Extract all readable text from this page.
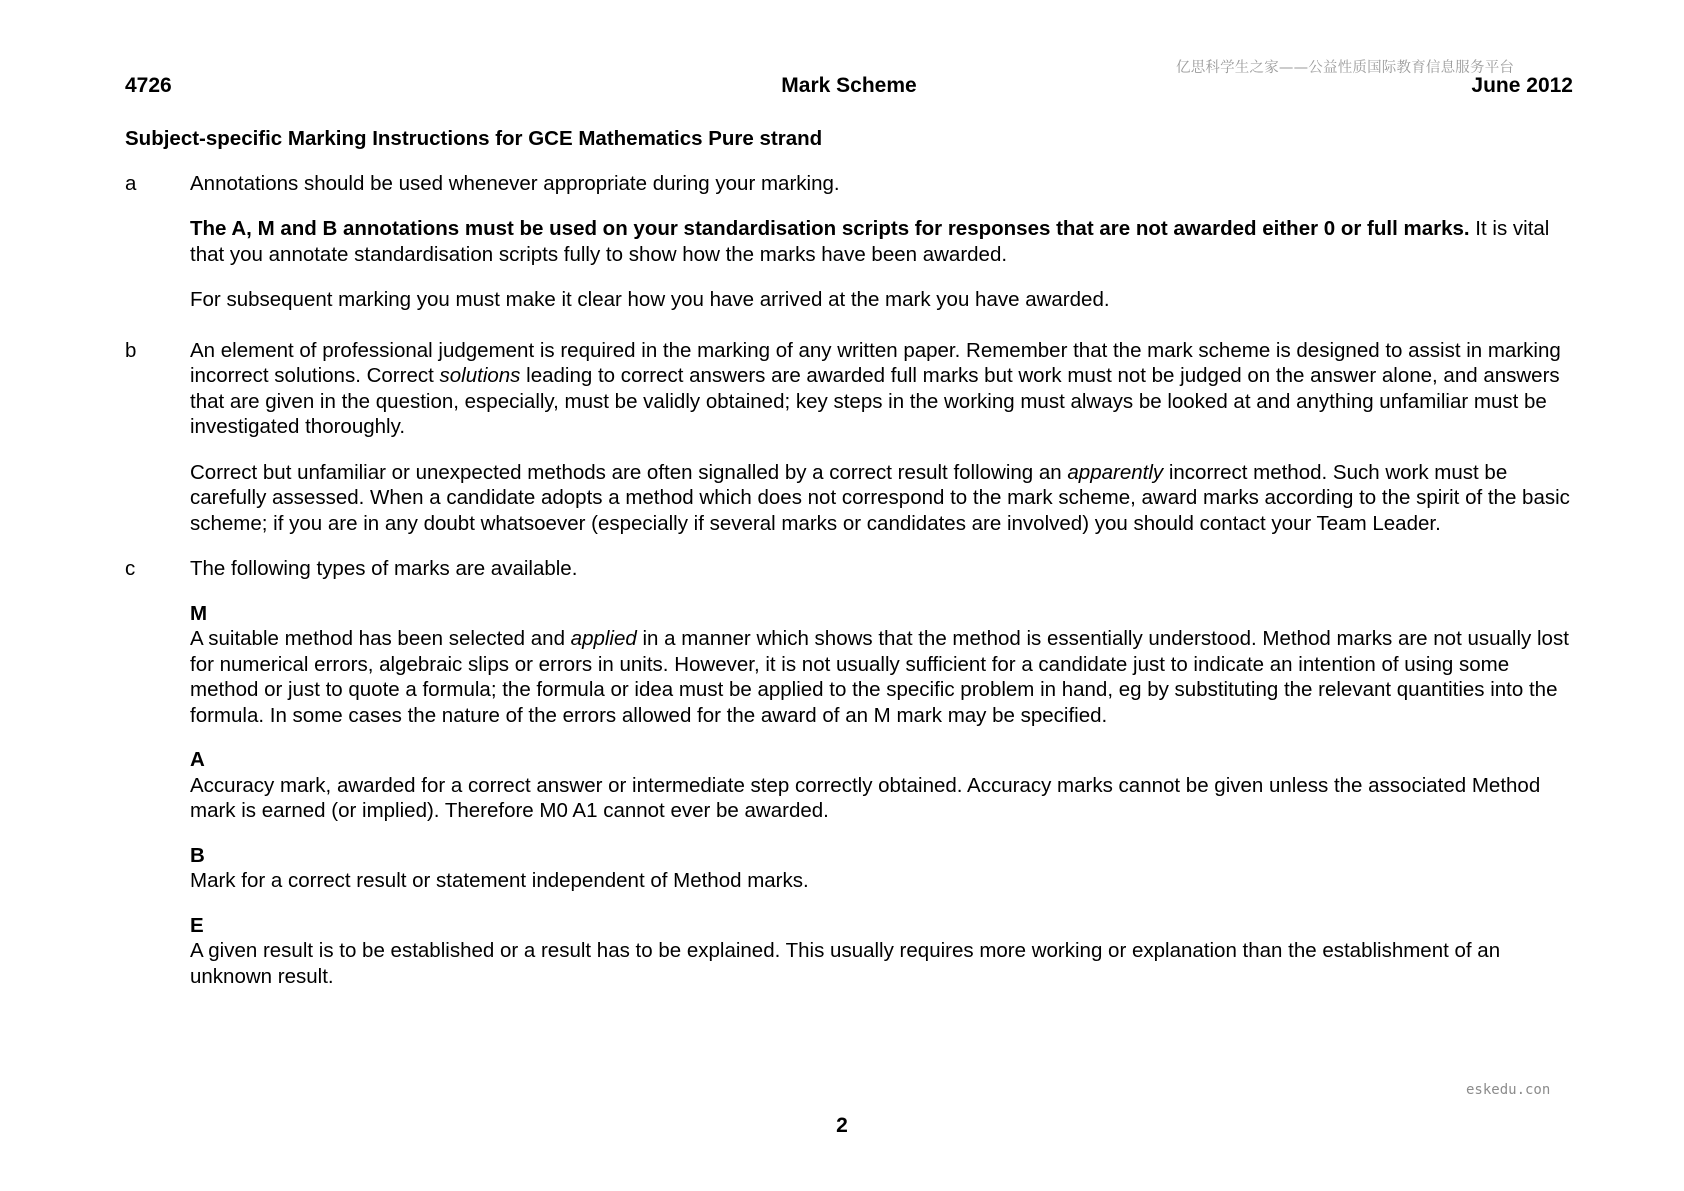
亿思科学生之家——公益性质国际教育信息服务平台
4726	Mark Scheme	June 2012
Subject-specific Marking Instructions for GCE Mathematics Pure strand
a	Annotations should be used whenever appropriate during your marking.

The A, M and B annotations must be used on your standardisation scripts for responses that are not awarded either 0 or full marks. It is vital that you annotate standardisation scripts fully to show how the marks have been awarded.

For subsequent marking you must make it clear how you have arrived at the mark you have awarded.

b	An element of professional judgement is required in the marking of any written paper. Remember that the mark scheme is designed to assist in marking incorrect solutions. Correct solutions leading to correct answers are awarded full marks but work must not be judged on the answer alone, and answers that are given in the question, especially, must be validly obtained; key steps in the working must always be looked at and anything unfamiliar must be investigated thoroughly.

Correct but unfamiliar or unexpected methods are often signalled by a correct result following an apparently incorrect method. Such work must be carefully assessed. When a candidate adopts a method which does not correspond to the mark scheme, award marks according to the spirit of the basic scheme; if you are in any doubt whatsoever (especially if several marks or candidates are involved) you should contact your Team Leader.

c	The following types of marks are available.

M
A suitable method has been selected and applied in a manner which shows that the method is essentially understood. Method marks are not usually lost for numerical errors, algebraic slips or errors in units. However, it is not usually sufficient for a candidate just to indicate an intention of using some method or just to quote a formula; the formula or idea must be applied to the specific problem in hand, eg by substituting the relevant quantities into the formula. In some cases the nature of the errors allowed for the award of an M mark may be specified.
A
Accuracy mark, awarded for a correct answer or intermediate step correctly obtained. Accuracy marks cannot be given unless the associated Method mark is earned (or implied). Therefore M0 A1 cannot ever be awarded.
B
Mark for a correct result or statement independent of Method marks.
E
A given result is to be established or a result has to be explained. This usually requires more working or explanation than the establishment of an unknown result.
eskedu.con
2
